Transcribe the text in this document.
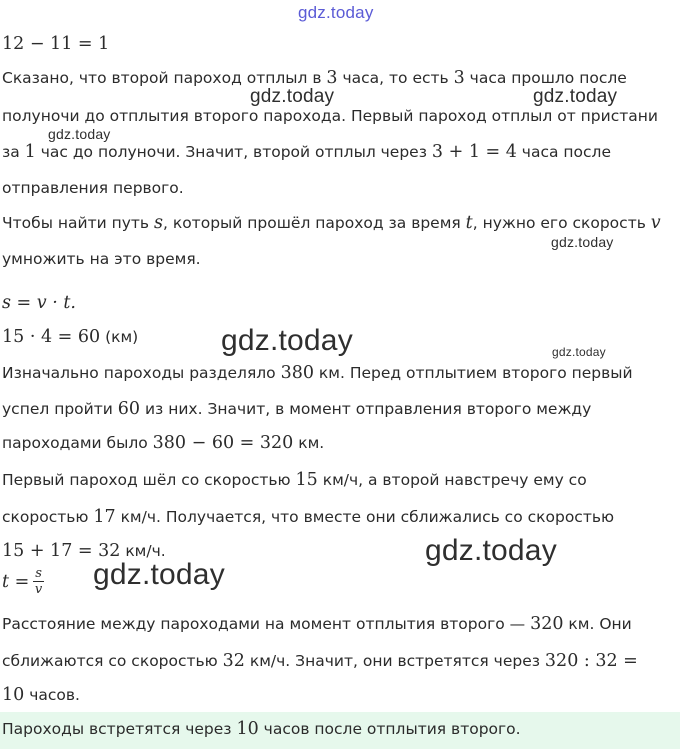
gdz.today
gdz.today	gdz.today
gdz.today
gdz.today
gdz.today	gdz.today
gdz.today
gdz.today
12 − 11 = 1
Сказано, что второй пароход отплыл в 3 часа, то есть 3 часа прошло после
полуночи до отплытия второго парохода. Первый пароход отплыл от пристани
за 1 час до полуночи. Значит, второй отплыл через 3 + 1 = 4 часа после
отправления первого.
Чтобы найти путь s, который прошёл пароход за время t, нужно его скорость v
умножить на это время.
s = v · t.
15 · 4 = 60 (км)
Изначально пароходы разделяло 380 км. Перед отплытием второго первый
успел пройти 60 из них. Значит, в момент отправления второго между
пароходами было 380 − 60 = 320 км.
Первый пароход шёл со скоростью 15 км/ч, а второй навстречу ему со
скоростью 17 км/ч. Получается, что вместе они сближались со скоростью
15 + 17 = 32 км/ч.
$t = \frac{s}{v}$
Расстояние между пароходами на момент отплытия второго — 320 км. Они
сближаются со скоростью 32 км/ч. Значит, они встретятся через 320 : 32 =
10 часов.
Пароходы встретятся через 10 часов после отплытия второго.
